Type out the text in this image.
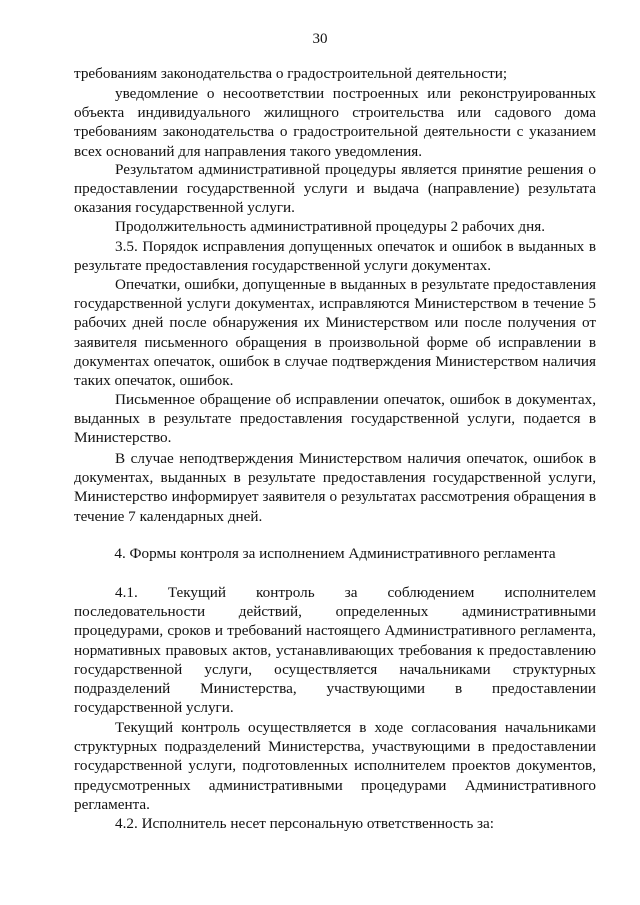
30
требованиям законодательства о градостроительной деятельности;
уведомление о несоответствии построенных или реконструированных объекта индивидуального жилищного строительства или садового дома требованиям законодательства о градостроительной деятельности с указанием всех оснований для направления такого уведомления.
Результатом административной процедуры является принятие решения о предоставлении государственной услуги и выдача (направление) результата оказания государственной услуги.
Продолжительность административной процедуры 2 рабочих дня.
3.5. Порядок исправления допущенных опечаток и ошибок в выданных в результате предоставления государственной услуги документах.
Опечатки, ошибки, допущенные в выданных в результате предоставления государственной услуги документах, исправляются Министерством в течение 5 рабочих дней после обнаружения их Министерством или после получения от заявителя письменного обращения в произвольной форме об исправлении в документах опечаток, ошибок в случае подтверждения Министерством наличия таких опечаток, ошибок.
Письменное обращение об исправлении опечаток, ошибок в документах, выданных в результате предоставления государственной услуги, подается в Министерство.
В случае неподтверждения Министерством наличия опечаток, ошибок в документах, выданных в результате предоставления государственной услуги, Министерство информирует заявителя о результатах рассмотрения обращения в течение 7 календарных дней.
4. Формы контроля за исполнением Административного регламента
4.1. Текущий контроль за соблюдением исполнителем последовательности действий, определенных административными процедурами, сроков и требований настоящего Административного регламента, нормативных правовых актов, устанавливающих требования к предоставлению государственной услуги, осуществляется начальниками структурных подразделений Министерства, участвующими в предоставлении государственной услуги.
Текущий контроль осуществляется в ходе согласования начальниками структурных подразделений Министерства, участвующими в предоставлении государственной услуги, подготовленных исполнителем проектов документов, предусмотренных административными процедурами Административного регламента.
4.2. Исполнитель несет персональную ответственность за:
